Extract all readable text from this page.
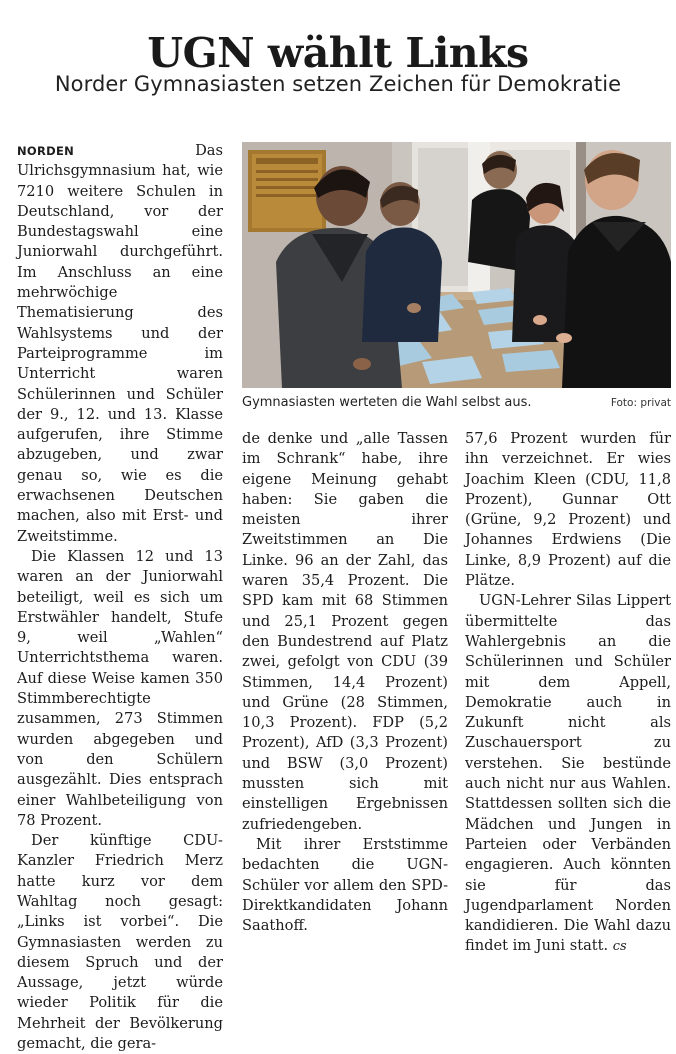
UGN wählt Links
Norder Gymnasiasten setzen Zeichen für Demokratie

NORDEN	Das Ulrichsgymnasium hat, wie 7210 weitere Schulen in Deutschland, vor der Bundestagswahl eine Juniorwahl durchgeführt. Im Anschluss an eine mehrwöchige Thematisierung des Wahlsystems und der Parteiprogramme im Unterricht waren Schülerinnen und Schüler der 9., 12. und 13. Klasse aufgerufen, ihre Stimme abzugeben, und zwar genau so, wie es die erwachsenen Deutschen machen, also mit Erst- und Zweitstimme.

Die Klassen 12 und 13 waren an der Juniorwahl beteiligt, weil es sich um Erstwähler handelt, Stufe 9, weil „Wahlen“ Unterrichtsthema waren. Auf diese Weise kamen 350 Stimmberechtigte zusammen, 273 Stimmen wurden abgegeben und von den Schülern ausgezählt. Dies entsprach einer Wahlbeteiligung von 78 Prozent.

Der künftige CDU-Kanzler Friedrich Merz hatte kurz vor dem Wahltag noch gesagt: „Links ist vorbei“. Die Gymnasiasten werden zu diesem Spruch und der Aussage, jetzt würde wieder Politik für die Mehrheit der Bevölkerung gemacht, die gera-

Gymnasiasten werteten die Wahl selbst aus.	Foto: privat

de denke und „alle Tassen im Schrank“ habe, ihre eigene Meinung gehabt haben: Sie gaben die meisten ihrer Zweitstimmen an Die Linke. 96 an der Zahl, das waren 35,4 Prozent. Die SPD kam mit 68 Stimmen und 25,1 Prozent gegen den Bundestrend auf Platz zwei, gefolgt von CDU (39 Stimmen, 14,4 Prozent) und Grüne (28 Stimmen, 10,3 Prozent). FDP (5,2 Prozent), AfD (3,3 Prozent) und BSW (3,0 Prozent) mussten sich mit einstelligen Ergebnissen zufriedengeben.

Mit ihrer Erststimme bedachten die UGN-Schüler vor allem den SPD-Direktkandidaten Johann Saathoff.

57,6 Prozent wurden für ihn verzeichnet. Er wies Joachim Kleen (CDU, 11,8 Prozent), Gunnar Ott (Grüne, 9,2 Prozent) und Johannes Erdwiens (Die Linke, 8,9 Prozent) auf die Plätze.

UGN-Lehrer Silas Lippert übermittelte das Wahlergebnis an die Schülerinnen und Schüler mit dem Appell, Demokratie auch in Zukunft nicht als Zuschauersport zu verstehen. Sie bestünde auch nicht nur aus Wahlen. Stattdessen sollten sich die Mädchen und Jungen in Parteien oder Verbänden engagieren. Auch könnten sie für das Jugendparlament Norden kandidieren. Die Wahl dazu findet im Juni statt. cs
